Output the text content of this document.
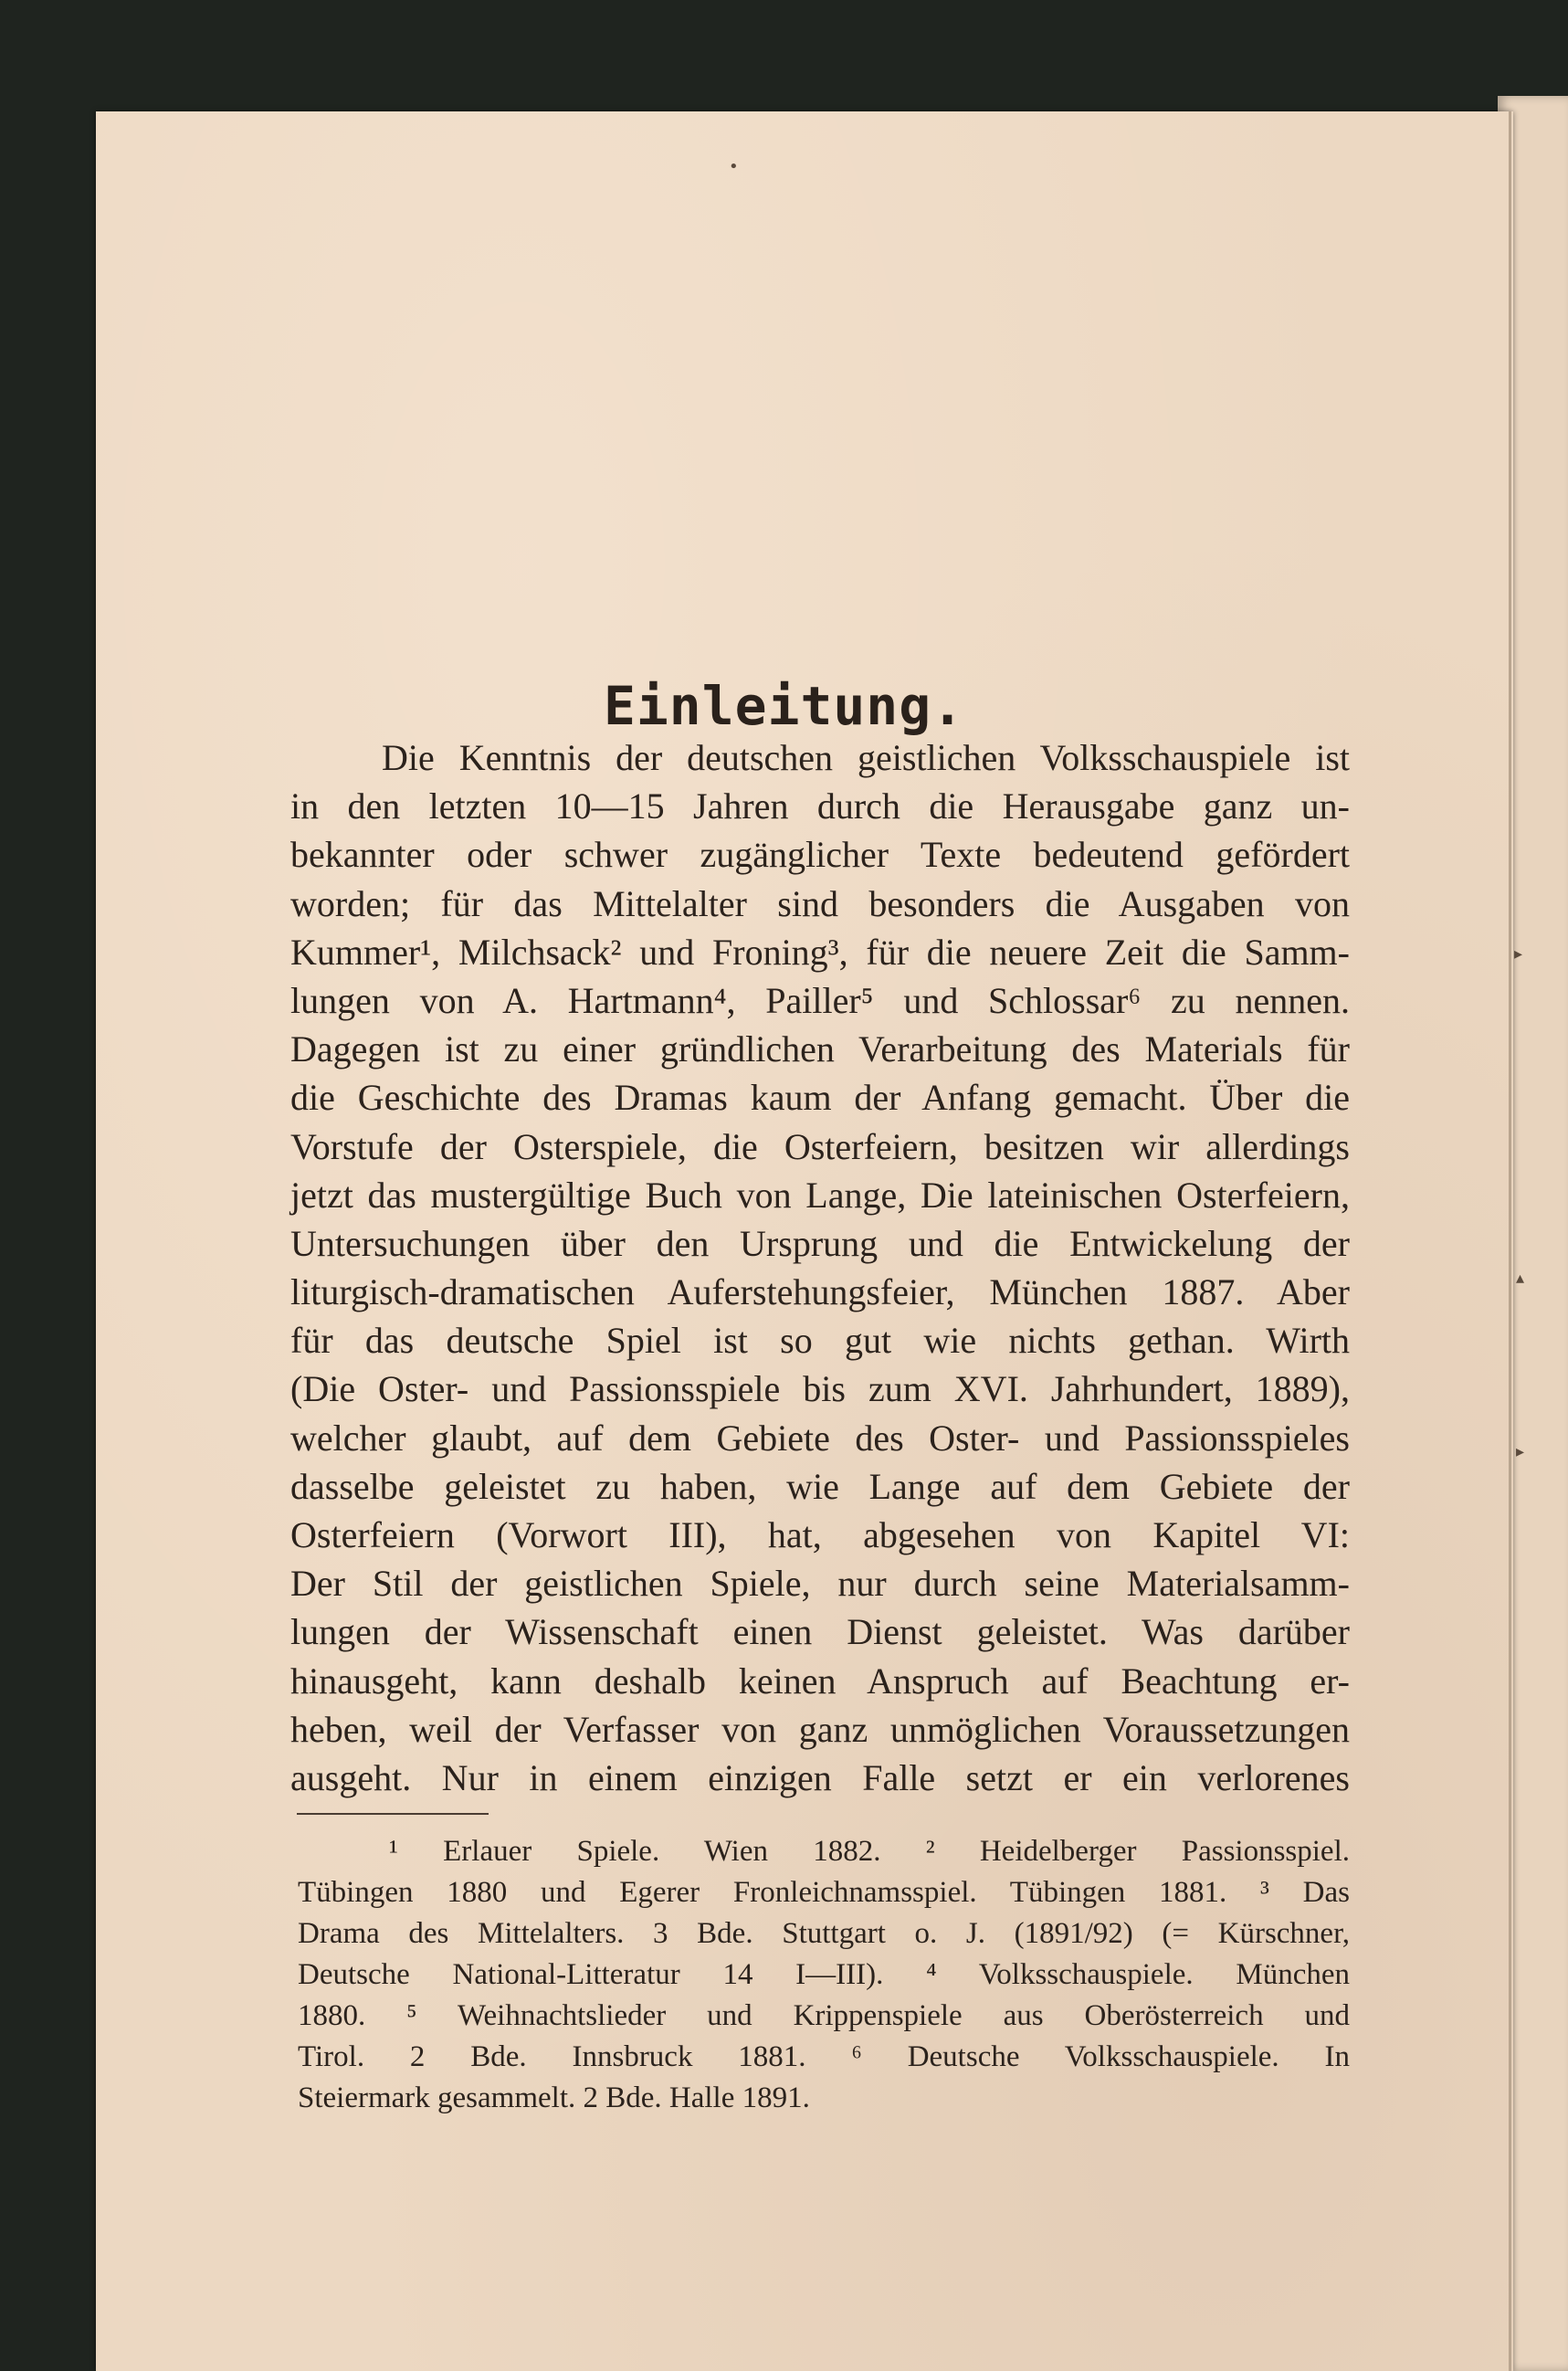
•
▸
▴
▸
Einleitung.
Die Kenntnis der deutschen geistlichen Volksschauspiele ist
in den letzten 10—15 Jahren durch die Herausgabe ganz un-
bekannter oder schwer zugänglicher Texte bedeutend gefördert
worden; für das Mittelalter sind besonders die Ausgaben von
Kummer¹, Milchsack² und Froning³, für die neuere Zeit die Samm-
lungen von A. Hartmann⁴, Pailler⁵ und Schlossar⁶ zu nennen.
Dagegen ist zu einer gründlichen Verarbeitung des Materials für
die Geschichte des Dramas kaum der Anfang gemacht. Über die
Vorstufe der Osterspiele, die Osterfeiern, besitzen wir allerdings
jetzt das mustergültige Buch von Lange, Die lateinischen Osterfeiern,
Untersuchungen über den Ursprung und die Entwickelung der
liturgisch-dramatischen Auferstehungsfeier, München 1887. Aber
für das deutsche Spiel ist so gut wie nichts gethan. Wirth
(Die Oster- und Passionsspiele bis zum XVI. Jahrhundert, 1889),
welcher glaubt, auf dem Gebiete des Oster- und Passionsspieles
dasselbe geleistet zu haben, wie Lange auf dem Gebiete der
Osterfeiern (Vorwort III), hat, abgesehen von Kapitel VI:
Der Stil der geistlichen Spiele, nur durch seine Materialsamm-
lungen der Wissenschaft einen Dienst geleistet. Was darüber
hinausgeht, kann deshalb keinen Anspruch auf Beachtung er-
heben, weil der Verfasser von ganz unmöglichen Voraussetzungen
ausgeht. Nur in einem einzigen Falle setzt er ein verlorenes
¹ Erlauer Spiele. Wien 1882. ² Heidelberger Passionsspiel.
Tübingen 1880 und Egerer Fronleichnamsspiel. Tübingen 1881. ³ Das
Drama des Mittelalters. 3 Bde. Stuttgart o. J. (1891/92) (= Kürschner,
Deutsche National-Litteratur 14 I—III). ⁴ Volksschauspiele. München
1880. ⁵ Weihnachtslieder und Krippenspiele aus Oberösterreich und
Tirol. 2 Bde. Innsbruck 1881. ⁶ Deutsche Volksschauspiele. In
Steiermark gesammelt. 2 Bde. Halle 1891.
